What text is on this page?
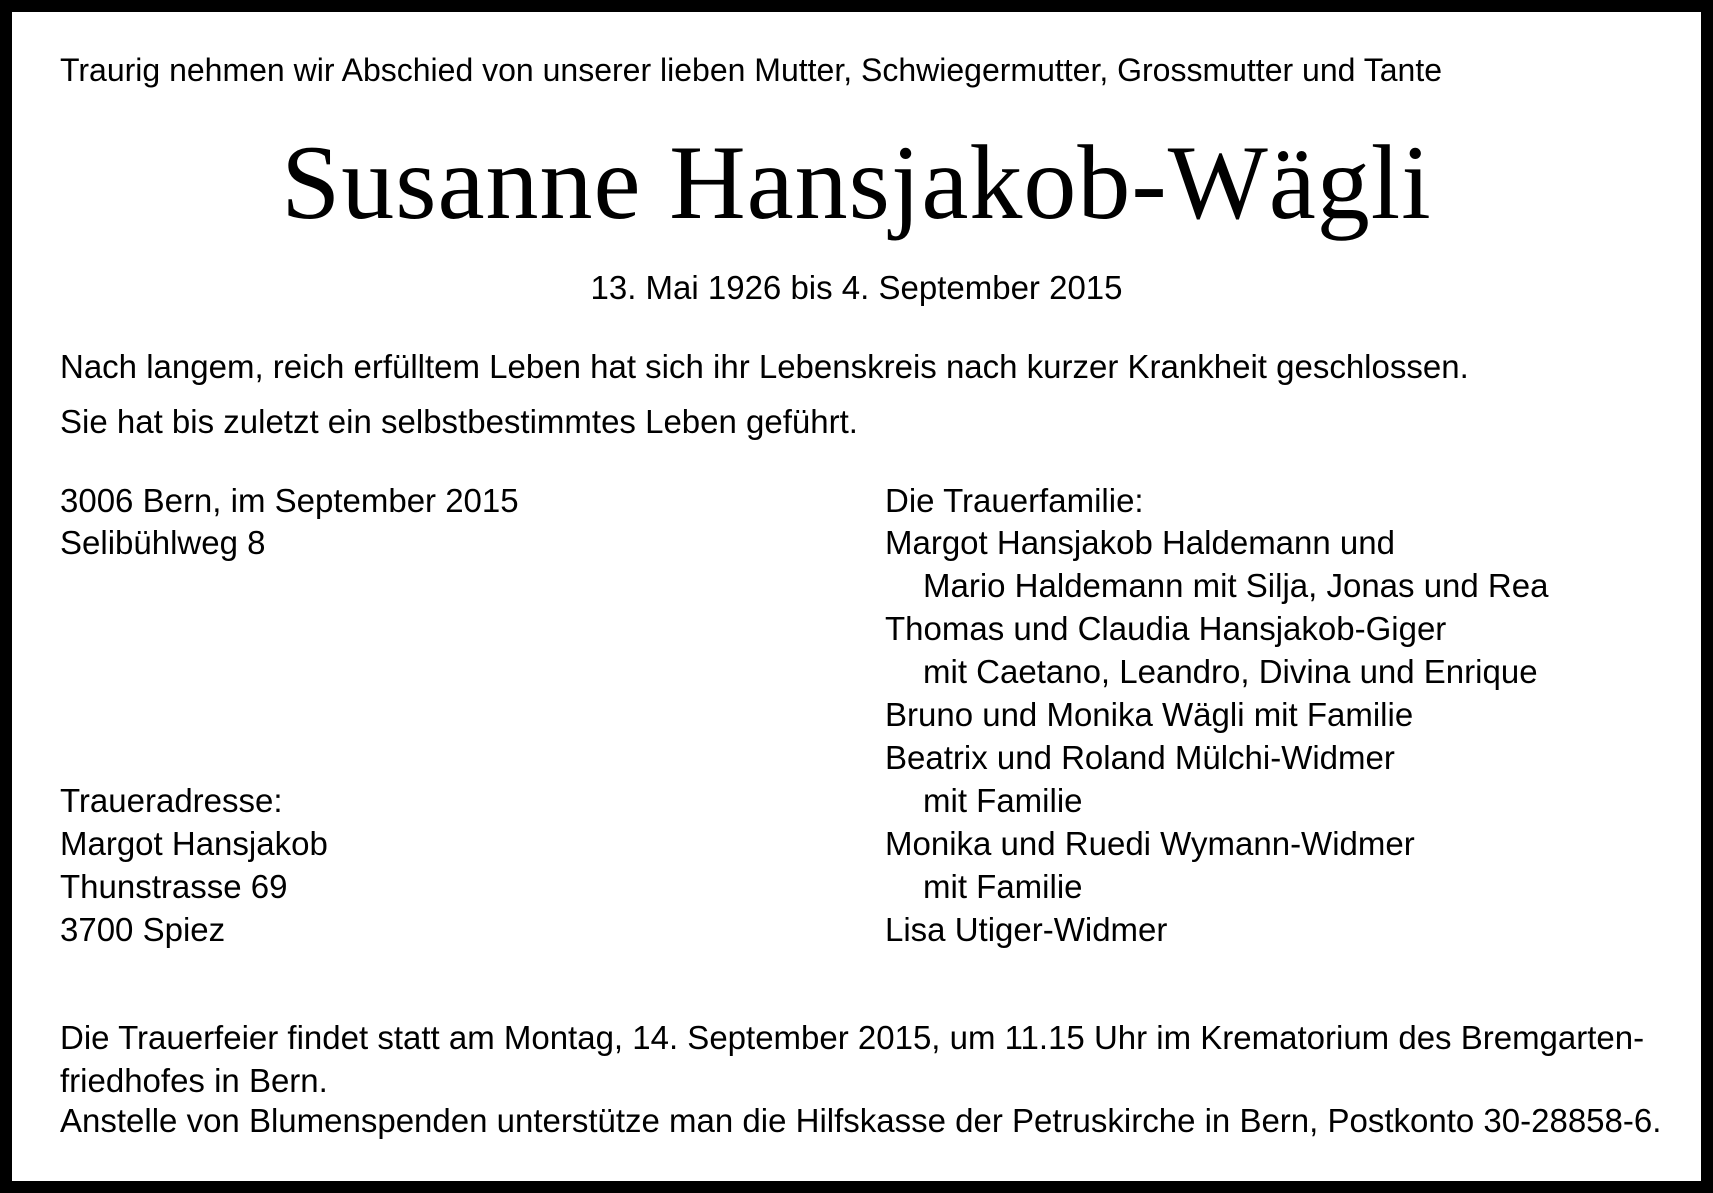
Traurig nehmen wir Abschied von unserer lieben Mutter, Schwiegermutter, Grossmutter und Tante
Susanne Hansjakob-Wägli
13. Mai 1926 bis 4. September 2015
Nach langem, reich erfülltem Leben hat sich ihr Lebenskreis nach kurzer Krankheit geschlossen.
Sie hat bis zuletzt ein selbstbestimmtes Leben geführt.
3006 Bern, im September 2015
Selibühlweg 8
Die Trauerfamilie:
Margot Hansjakob Haldemann und
Mario Haldemann mit Silja, Jonas und Rea
Thomas und Claudia Hansjakob-Giger
mit Caetano, Leandro, Divina und Enrique
Bruno und Monika Wägli mit Familie
Beatrix und Roland Mülchi-Widmer
mit Familie
Monika und Ruedi Wymann-Widmer
mit Familie
Lisa Utiger-Widmer
Traueradresse:
Margot Hansjakob
Thunstrasse 69
3700 Spiez
Die Trauerfeier findet statt am Montag, 14. September 2015, um 11.15 Uhr im Krematorium des Bremgarten-
friedhofes in Bern.
Anstelle von Blumenspenden unterstütze man die Hilfskasse der Petruskirche in Bern, Postkonto 30-28858-6.
